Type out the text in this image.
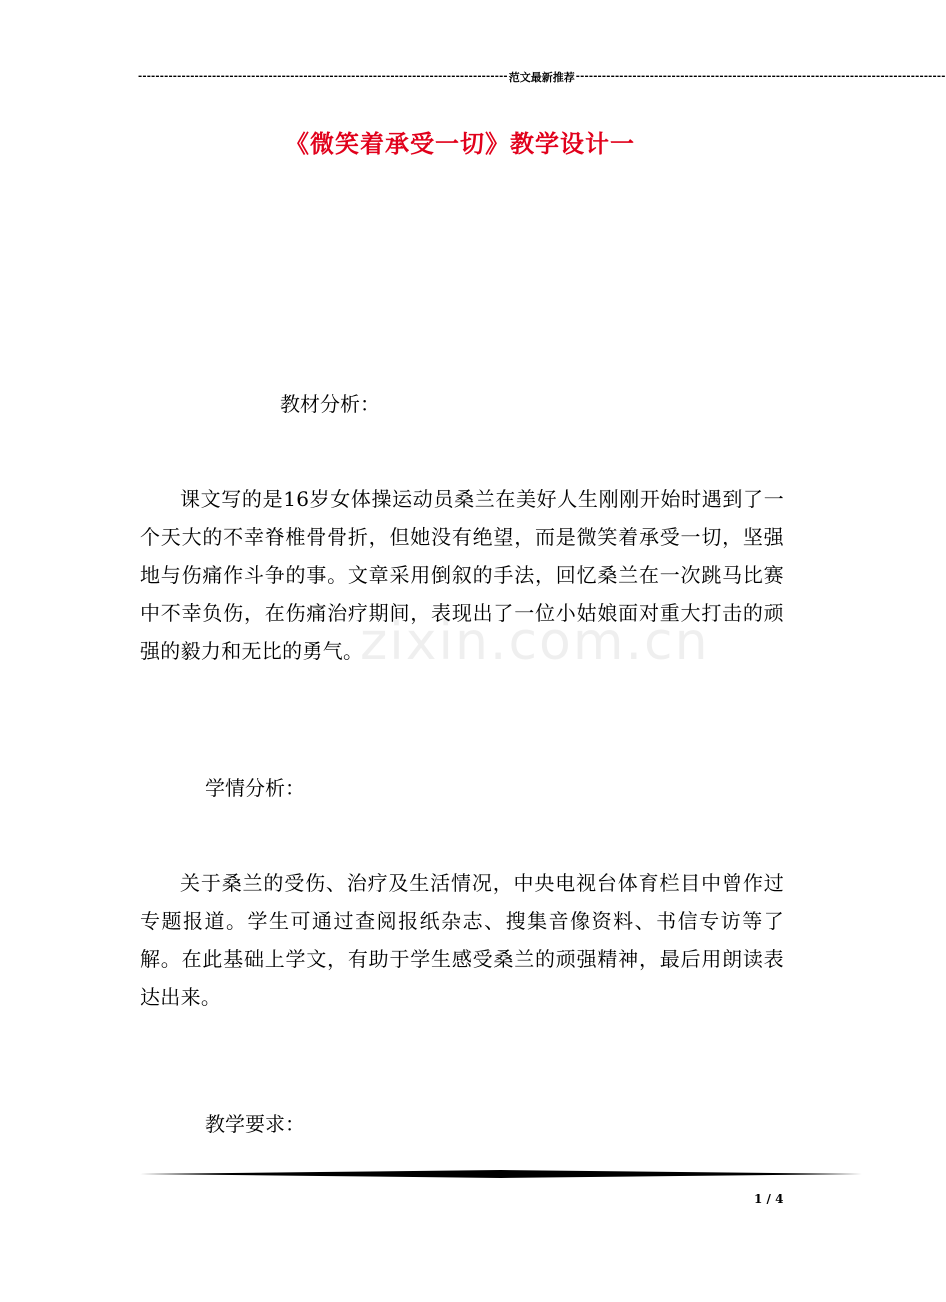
------------------------------------------------------------------------------------- 范文最新推荐 -------------------------------------------------------------------------------------
《微笑着承受一切》教学设计一
教材分析：
课文写的是16岁女体操运动员桑兰在美好人生刚刚开始时遇到了一个天大的不幸脊椎骨骨折，但她没有绝望，而是微笑着承受一切，坚强地与伤痛作斗争的事。文章采用倒叙的手法，回忆桑兰在一次跳马比赛中不幸负伤，在伤痛治疗期间，表现出了一位小姑娘面对重大打击的顽强的毅力和无比的勇气。
学情分析：
关于桑兰的受伤、治疗及生活情况，中央电视台体育栏目中曾作过专题报道。学生可通过查阅报纸杂志、搜集音像资料、书信专访等了解。在此基础上学文，有助于学生感受桑兰的顽强精神，最后用朗读表达出来。
教学要求：
zixin.com.cn
1 / 4
